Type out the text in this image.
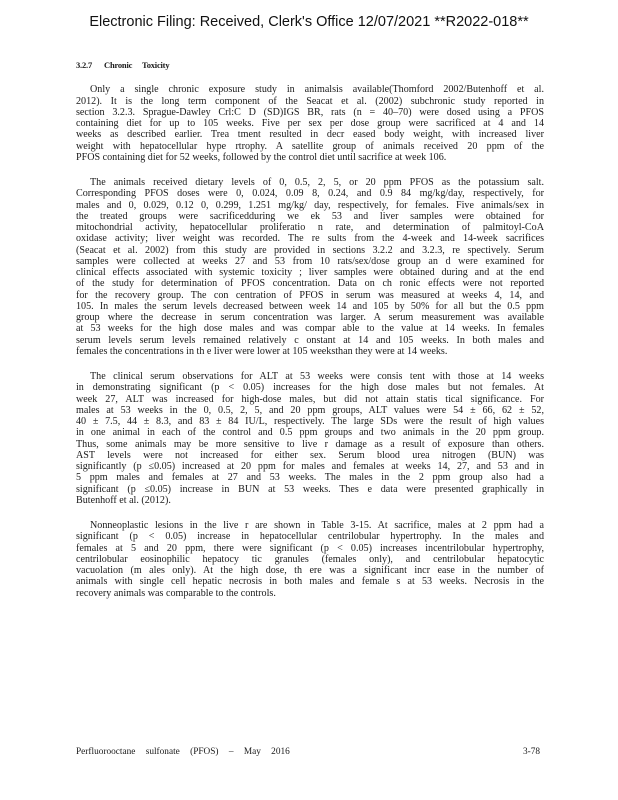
Electronic Filing: Received, Clerk's Office 12/07/2021 **R2022-018**
3.2.7 Chronic Toxicity

Only a single chronic exposure study in animalsis available(Thomford 2002/Butenhoff et al.
2012). It is the long term component of the Seacat et al. (2002) subchronic study reported in
section 3.2.3. Sprague-Dawley Crl:C D (SD)IGS BR, rats (n = 40–70) were dosed using a PFOS
containing diet for up to 105 weeks. Five per sex per dose group were sacrificed at 4 and 14
weeks as described earlier. Trea tment resulted in decr eased body weight, with increased liver
weight with hepatocellular hype rtrophy. A satellite group of animals received 20 ppm of the
PFOS containing diet for 52 weeks, followed by the control diet until sacrifice at week 106.

The animals received dietary levels of 0, 0.5, 2, 5, or 20 ppm PFOS as the potassium salt.
Corresponding PFOS doses were 0, 0.024, 0.09 8, 0.24, and 0.9 84 mg/kg/day, respectively, for
males and 0, 0.029, 0.12 0, 0.299, 1.251 mg/kg/ day, respectively, for females. Five animals/sex in
the treated groups were sacrificedduring we ek 53 and liver samples were obtained for
mitochondrial activity, hepatocellular proliferatio n rate, and determination of palmitoyl-CoA
oxidase activity; liver weight was recorded. The re sults from the 4-week and 14-week sacrifices
(Seacat et al. 2002) from this study are provided in sections 3.2.2 and 3.2.3, re spectively. Serum
samples were collected at weeks 27 and 53 from 10 rats/sex/dose group an d were examined for
clinical effects associated with systemic toxicity ; liver samples were obtained during and at the end
of the study for determination of PFOS concentration. Data on ch ronic effects were not reported
for the recovery group. The con centration of PFOS in serum was measured at weeks 4, 14, and
105. In males the serum levels decreased between week 14 and 105 by 50% for all but the 0.5 ppm
group where the decrease in serum concentration was larger. A serum measurement was available
at 53 weeks for the high dose males and was compar able to the value at 14 weeks. In females
serum levels serum levels remained relatively c onstant at 14 and 105 weeks. In both males and
females the concentrations in th e liver were lower at 105 weeksthan they were at 14 weeks.

The clinical serum observations for ALT at 53 weeks were consis tent with those at 14 weeks
in demonstrating significant (p < 0.05) increases for the high dose males but not females. At
week 27, ALT was increased for high-dose males, but did not attain statis tical significance. For
males at 53 weeks in the 0, 0.5, 2, 5, and 20 ppm groups, ALT values were 54 ± 66, 62 ± 52,
40 ± 7.5, 44 ± 8.3, and 83 ± 84 IU/L, respectively. The large SDs were the result of high values
in one animal in each of the control and 0.5 ppm groups and two animals in the 20 ppm group.
Thus, some animals may be more sensitive to live r damage as a result of exposure than others.
AST levels were not increased for either sex. Serum blood urea nitrogen (BUN) was
significantly (p ≤0.05) increased at 20 ppm for males and females at weeks 14, 27, and 53 and in
5 ppm males and females at 27 and 53 weeks. The males in the 2 ppm group also had a
significant (p ≤0.05) increase in BUN at 53 weeks. Thes e data were presented graphically in
Butenhoff et al. (2012).

Nonneoplastic lesions in the live r are shown in Table 3-15. At sacrifice, males at 2 ppm had a
significant (p < 0.05) increase in hepatocellular centrilobular hypertrophy. In the males and
females at 5 and 20 ppm, there were significant (p < 0.05) increases incentrilobular hypertrophy,
centrilobular eosinophilic hepatocy tic granules (females only), and centrilobular hepatocytic
vacuolation (m ales only). At the high dose, th ere was a significant incr ease in the number of
animals with single cell hepatic necrosis in both males and female s at 53 weeks. Necrosis in the
recovery animals was comparable to the controls.

Perfluorooctane sulfonate (PFOS) – May 2016	3-78
